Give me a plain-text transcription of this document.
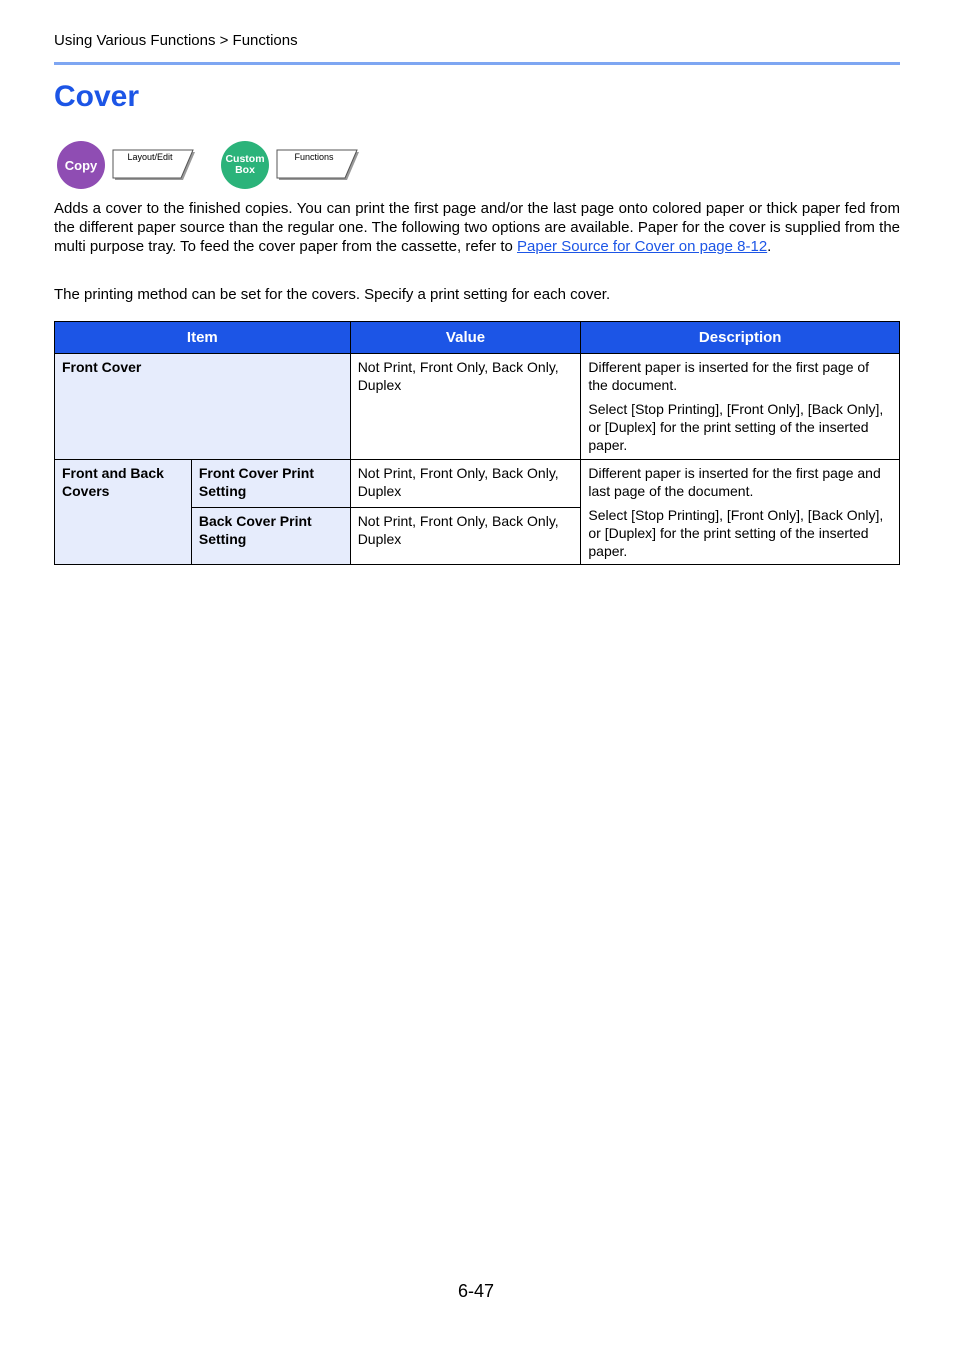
Using Various Functions > Functions
Cover
Copy
Layout/Edit	Custom
Box
Functions

Adds a cover to the finished copies. You can print the first page and/or the last page onto colored paper or thick paper fed from the different paper source than the regular one. The following two options are available. Paper for the cover is supplied from the multi purpose tray. To feed the cover paper from the cassette, refer to Paper Source for Cover on page 8-12.

The printing method can be set for the covers. Specify a print setting for each cover.

Item		Value	Description
Front Cover		Not Print, Front Only, Back Only, Duplex	Different paper is inserted for the first page of the document.

Select [Stop Printing], [Front Only], [Back Only], or [Duplex] for the print setting of the inserted paper.

Front and Back Covers	Front Cover Print Setting	Not Print, Front Only, Back Only, Duplex	Different paper is inserted for the first page and last page of the document.

Select [Stop Printing], [Front Only], [Back Only], or [Duplex] for the print setting of the inserted paper.

	Back Cover Print Setting	Not Print, Front Only, Back Only, Duplex	
6-47
